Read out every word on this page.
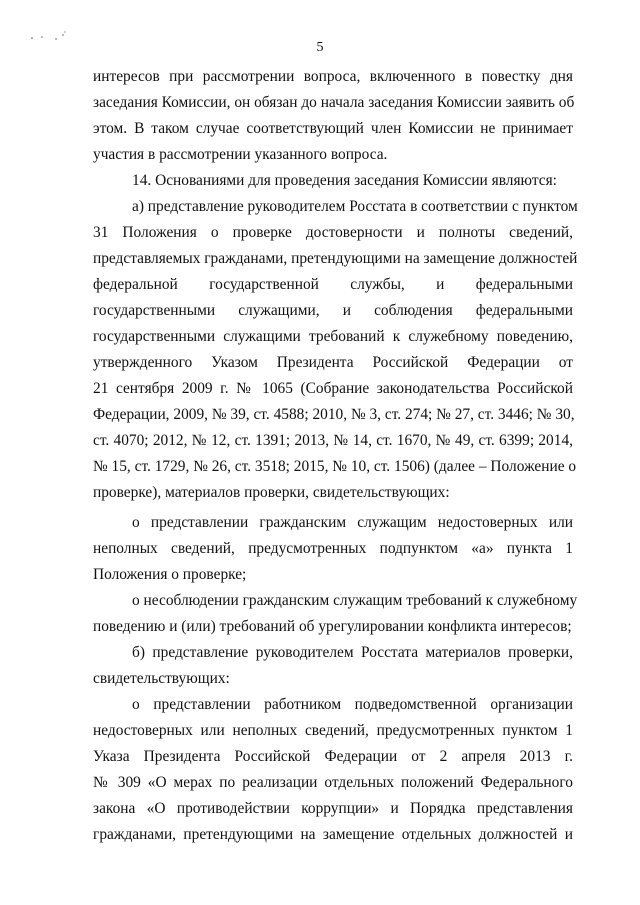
5
интересов при рассмотрении вопроса, включенного в повестку дня
заседания Комиссии, он обязан до начала заседания Комиссии заявить об
этом. В таком случае соответствующий член Комиссии не принимает
участия в рассмотрении указанного вопроса.
14. Основаниями для проведения заседания Комиссии являются:
а) представление руководителем Росстата в соответствии с пунктом
31 Положения о проверке достоверности и полноты сведений,
представляемых гражданами, претендующими на замещение должностей
федеральной государственной службы, и федеральными
государственными служащими, и соблюдения федеральными
государственными служащими требований к служебному поведению,
утвержденного Указом Президента Российской Федерации от
21 сентября 2009 г. № 1065 (Собрание законодательства Российской
Федерации, 2009, № 39, ст. 4588; 2010, № 3, ст. 274; № 27, ст. 3446; № 30,
ст. 4070; 2012, № 12, ст. 1391; 2013, № 14, ст. 1670, № 49, ст. 6399; 2014,
№ 15, ст. 1729, № 26, ст. 3518; 2015, № 10, ст. 1506) (далее – Положение о
проверке), материалов проверки, свидетельствующих:
о представлении гражданским служащим недостоверных или
неполных сведений, предусмотренных подпунктом «а» пункта 1
Положения о проверке;
о несоблюдении гражданским служащим требований к служебному
поведению и (или) требований об урегулировании конфликта интересов;
б) представление руководителем Росстата материалов проверки,
свидетельствующих:
о представлении работником подведомственной организации
недостоверных или неполных сведений, предусмотренных пунктом 1
Указа Президента Российской Федерации от 2 апреля 2013 г.
№ 309 «О мерах по реализации отдельных положений Федерального
закона «О противодействии коррупции» и Порядка представления
гражданами, претендующими на замещение отдельных должностей и
